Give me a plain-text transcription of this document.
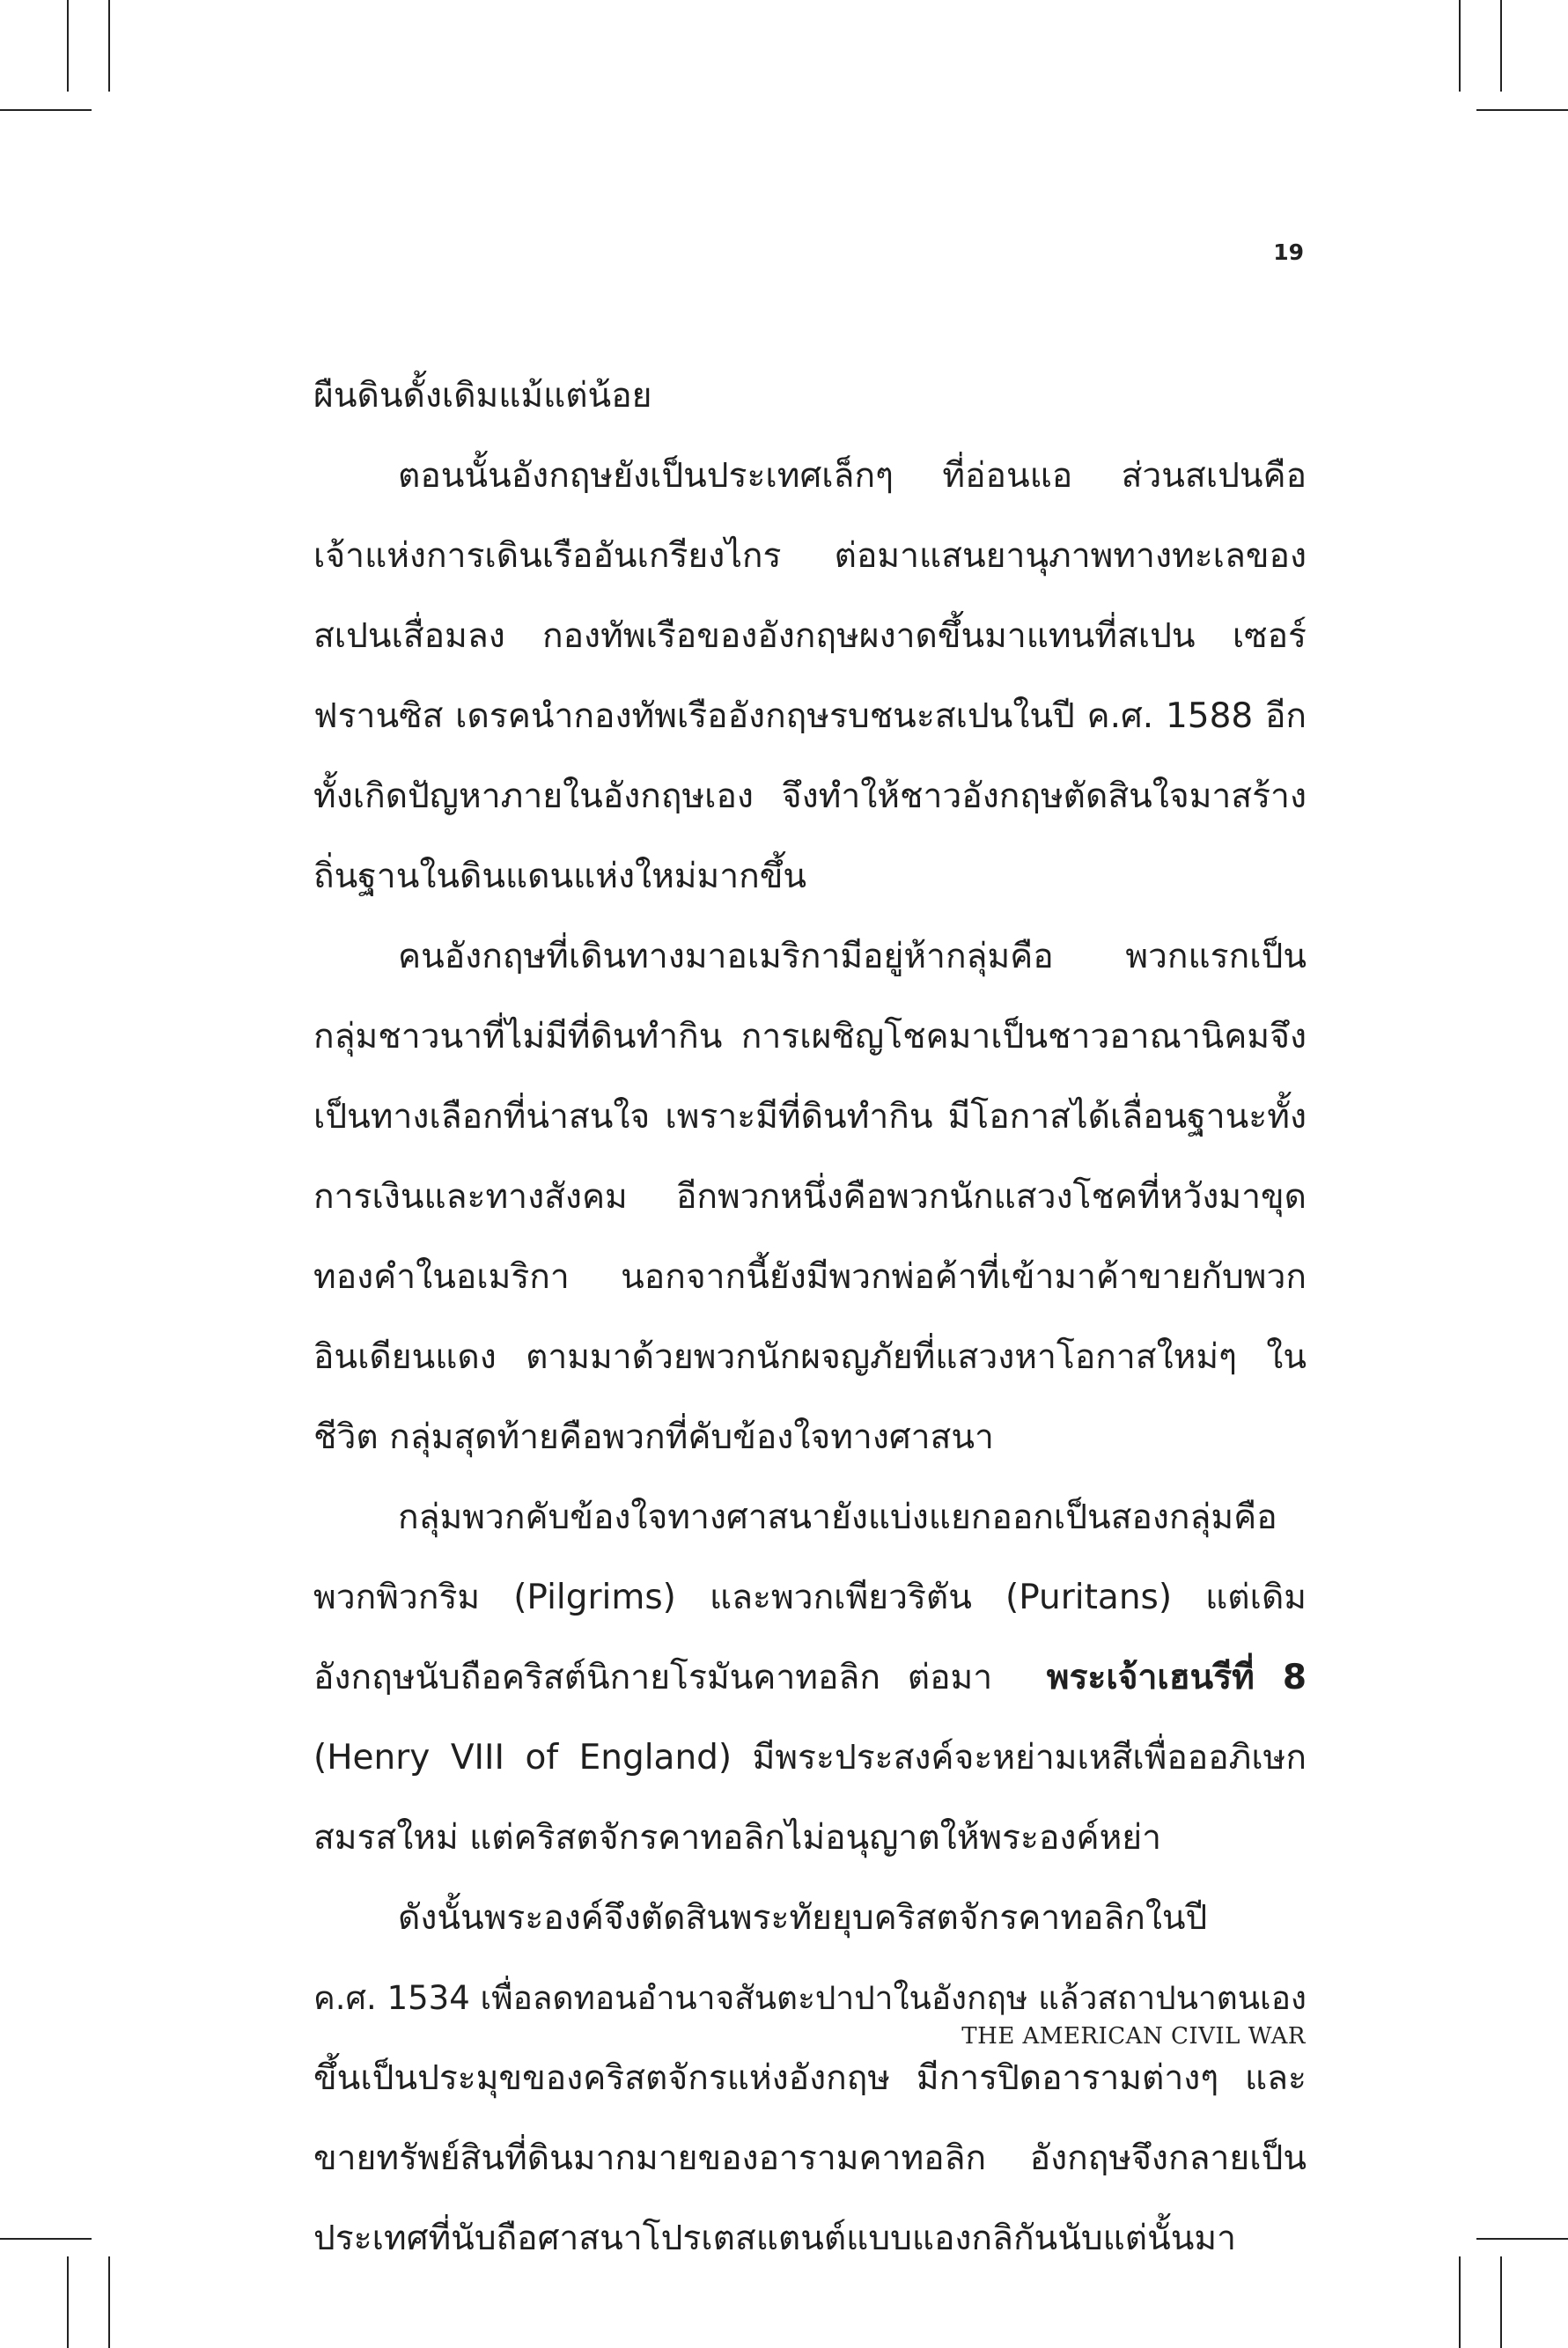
19

ผืนดินดั้งเดิมแม้แต่น้อย
ตอนนั้นอังกฤษยังเป็นประเทศเล็กๆ ที่อ่อนแอ ส่วนสเปนคือ
เจ้าแห่งการเดินเรืออันเกรียงไกร ต่อมาแสนยานุภาพทางทะเลของ
สเปนเสื่อมลง กองทัพเรือของอังกฤษผงาดขึ้นมาแทนที่สเปน เซอร์
ฟรานซิส เดรคนำกองทัพเรืออังกฤษรบชนะสเปนในปี ค.ศ. 1588 อีก
ทั้งเกิดปัญหาภายในอังกฤษเอง จึงทำให้ชาวอังกฤษตัดสินใจมาสร้าง
ถิ่นฐานในดินแดนแห่งใหม่มากขึ้น
คนอังกฤษที่เดินทางมาอเมริกามีอยู่ห้ากลุ่มคือ พวกแรกเป็น
กลุ่มชาวนาที่ไม่มีที่ดินทำกิน การเผชิญโชคมาเป็นชาวอาณานิคมจึง
เป็นทางเลือกที่น่าสนใจ เพราะมีที่ดินทำกิน มีโอกาสได้เลื่อนฐานะทั้ง
การเงินและทางสังคม อีกพวกหนึ่งคือพวกนักแสวงโชคที่หวังมาขุด
ทองคำในอเมริกา นอกจากนี้ยังมีพวกพ่อค้าที่เข้ามาค้าขายกับพวก
อินเดียนแดง ตามมาด้วยพวกนักผจญภัยที่แสวงหาโอกาสใหม่ๆ ใน
ชีวิต กลุ่มสุดท้ายคือพวกที่คับข้องใจทางศาสนา
กลุ่มพวกคับข้องใจทางศาสนายังแบ่งแยกออกเป็นสองกลุ่มคือ
พวกพิวกริม (Pilgrims) และพวกเพียวริตัน (Puritans) แต่เดิม
อังกฤษนับถือคริสต์นิกายโรมันคาทอลิก ต่อมา พระเจ้าเฮนรีที่ 8
(Henry VIII of England) มีพระประสงค์จะหย่ามเหสีเพื่อออภิเษก
สมรสใหม่ แต่คริสตจักรคาทอลิกไม่อนุญาตให้พระองค์หย่า
ดังนั้นพระองค์จึงตัดสินพระทัยยุบคริสตจักรคาทอลิกในปี
ค.ศ. 1534 เพื่อลดทอนอำนาจสันตะปาปาในอังกฤษ แล้วสถาปนาตนเอง
ขึ้นเป็นประมุขของคริสตจักรแห่งอังกฤษ มีการปิดอารามต่างๆ และ
ขายทรัพย์สินที่ดินมากมายของอารามคาทอลิก อังกฤษจึงกลายเป็น
ประเทศที่นับถือศาสนาโปรเตสแตนต์แบบแองกลิกันนับแต่นั้นมา

THE AMERICAN CIVIL WAR
